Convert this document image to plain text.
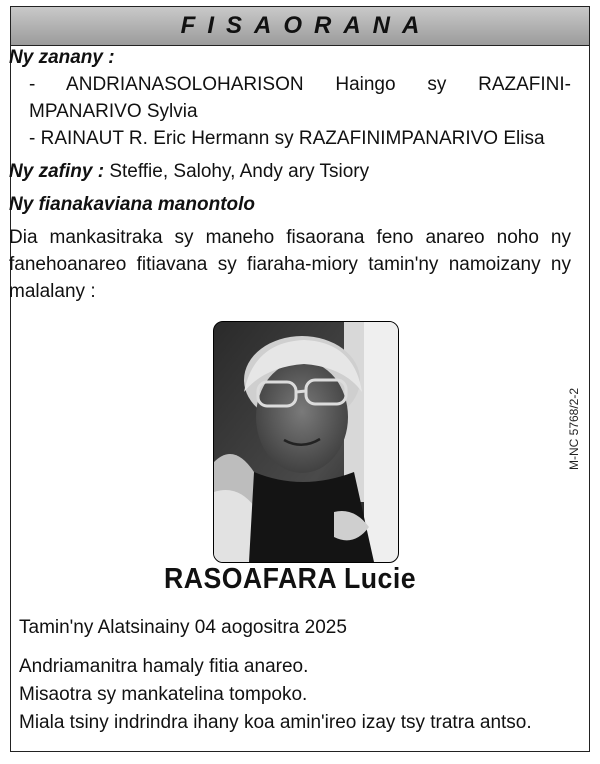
FISAORANA
Ny zanany :
- ANDRIANASOLOHARISON Haingo sy RAZAFINI-
MPANARIVO Sylvia
- RAINAUT R. Eric Hermann sy RAZAFINIMPANARIVO Elisa
Ny zafiny : Steffie, Salohy, Andy ary Tsiory
Ny fianakaviana manontolo
Dia mankasitraka sy maneho fisaorana feno anareo noho ny fanehoanareo fitiavana sy fiaraha-miory tamin'ny namoizany ny malalany :
RASOAFARA Lucie
Tamin'ny Alatsinainy 04 aogositra 2025
Andriamanitra hamaly fitia anareo.
Misaotra sy mankatelina tompoko.
Miala tsiny indrindra ihany koa amin'ireo izay tsy tratra antso.
M-NC 5768/2-2
